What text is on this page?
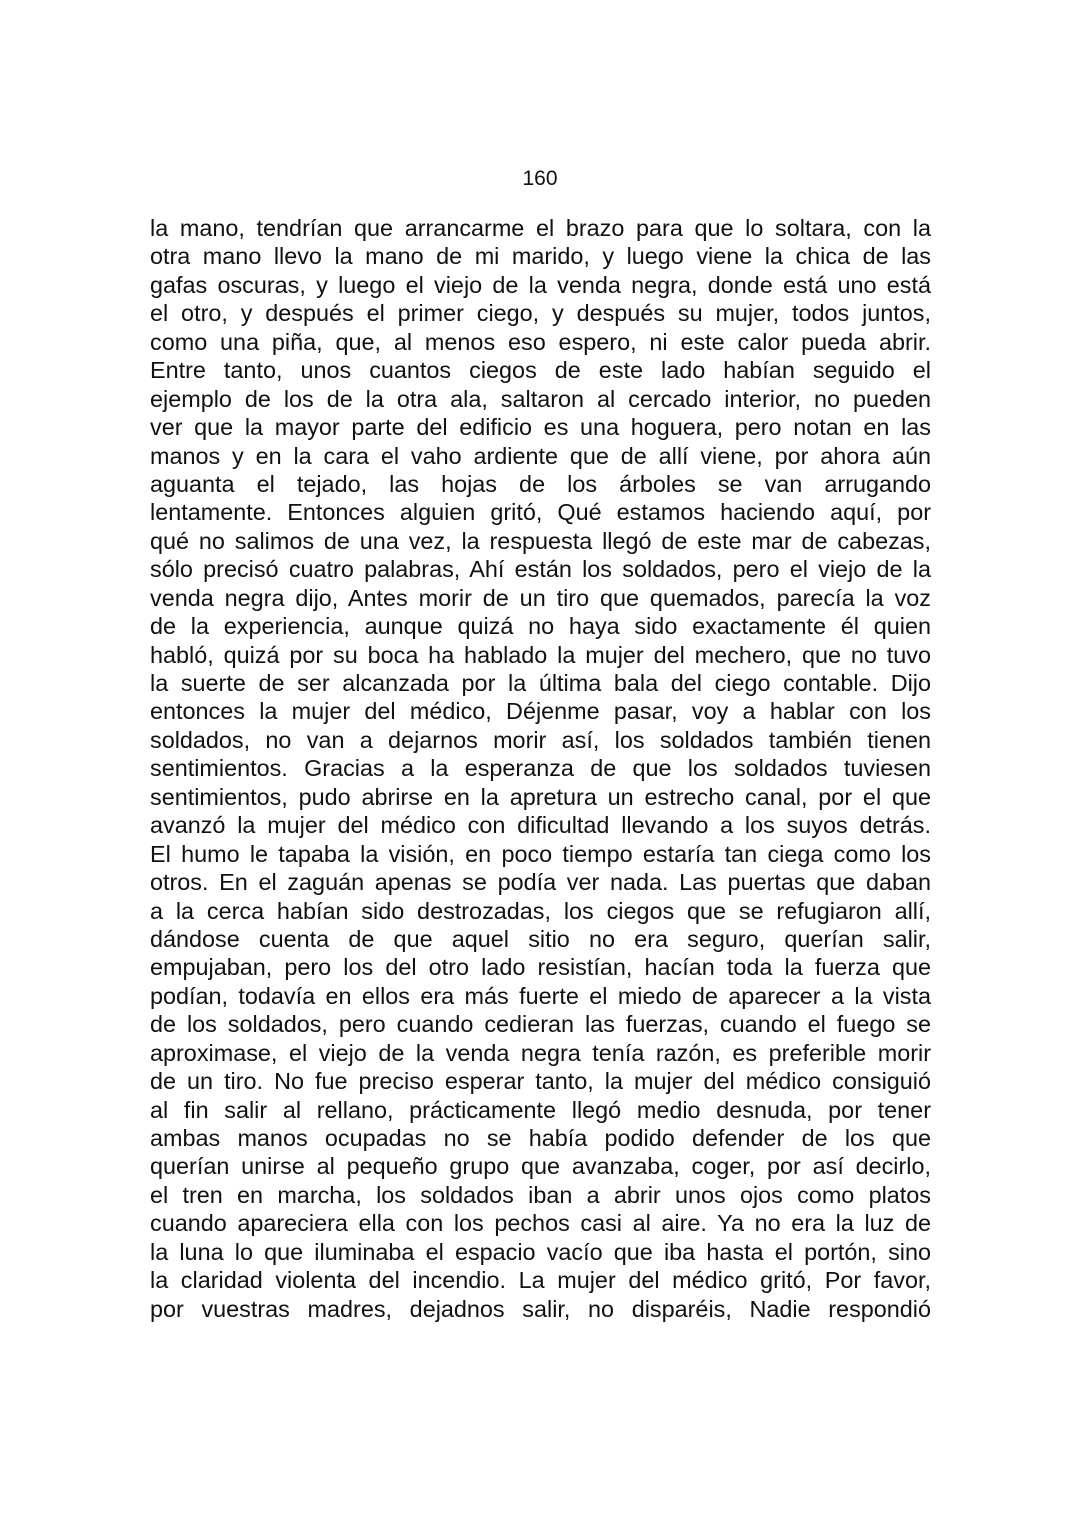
160
la mano, tendrían que arrancarme el brazo para que lo soltara, con la
otra mano llevo la mano de mi marido, y luego viene la chica de las
gafas oscuras, y luego el viejo de la venda negra, donde está uno está
el otro, y después el primer ciego, y después su mujer, todos juntos,
como una piña, que, al menos eso espero, ni este calor pueda abrir.
Entre tanto, unos cuantos ciegos de este lado habían seguido el
ejemplo de los de la otra ala, saltaron al cercado interior, no pueden
ver que la mayor parte del edificio es una hoguera, pero notan en las
manos y en la cara el vaho ardiente que de allí viene, por ahora aún
aguanta el tejado, las hojas de los árboles se van arrugando
lentamente. Entonces alguien gritó, Qué estamos haciendo aquí, por
qué no salimos de una vez, la respuesta llegó de este mar de cabezas,
sólo precisó cuatro palabras, Ahí están los soldados, pero el viejo de la
venda negra dijo, Antes morir de un tiro que quemados, parecía la voz
de la experiencia, aunque quizá no haya sido exactamente él quien
habló, quizá por su boca ha hablado la mujer del mechero, que no tuvo
la suerte de ser alcanzada por la última bala del ciego contable. Dijo
entonces la mujer del médico, Déjenme pasar, voy a hablar con los
soldados, no van a dejarnos morir así, los soldados también tienen
sentimientos. Gracias a la esperanza de que los soldados tuviesen
sentimientos, pudo abrirse en la apretura un estrecho canal, por el que
avanzó la mujer del médico con dificultad llevando a los suyos detrás.
El humo le tapaba la visión, en poco tiempo estaría tan ciega como los
otros. En el zaguán apenas se podía ver nada. Las puertas que daban
a la cerca habían sido destrozadas, los ciegos que se refugiaron allí,
dándose cuenta de que aquel sitio no era seguro, querían salir,
empujaban, pero los del otro lado resistían, hacían toda la fuerza que
podían, todavía en ellos era más fuerte el miedo de aparecer a la vista
de los soldados, pero cuando cedieran las fuerzas, cuando el fuego se
aproximase, el viejo de la venda negra tenía razón, es preferible morir
de un tiro. No fue preciso esperar tanto, la mujer del médico consiguió
al fin salir al rellano, prácticamente llegó medio desnuda, por tener
ambas manos ocupadas no se había podido defender de los que
querían unirse al pequeño grupo que avanzaba, coger, por así decirlo,
el tren en marcha, los soldados iban a abrir unos ojos como platos
cuando apareciera ella con los pechos casi al aire. Ya no era la luz de
la luna lo que iluminaba el espacio vacío que iba hasta el portón, sino
la claridad violenta del incendio. La mujer del médico gritó, Por favor,
por vuestras madres, dejadnos salir, no disparéis, Nadie respondió
